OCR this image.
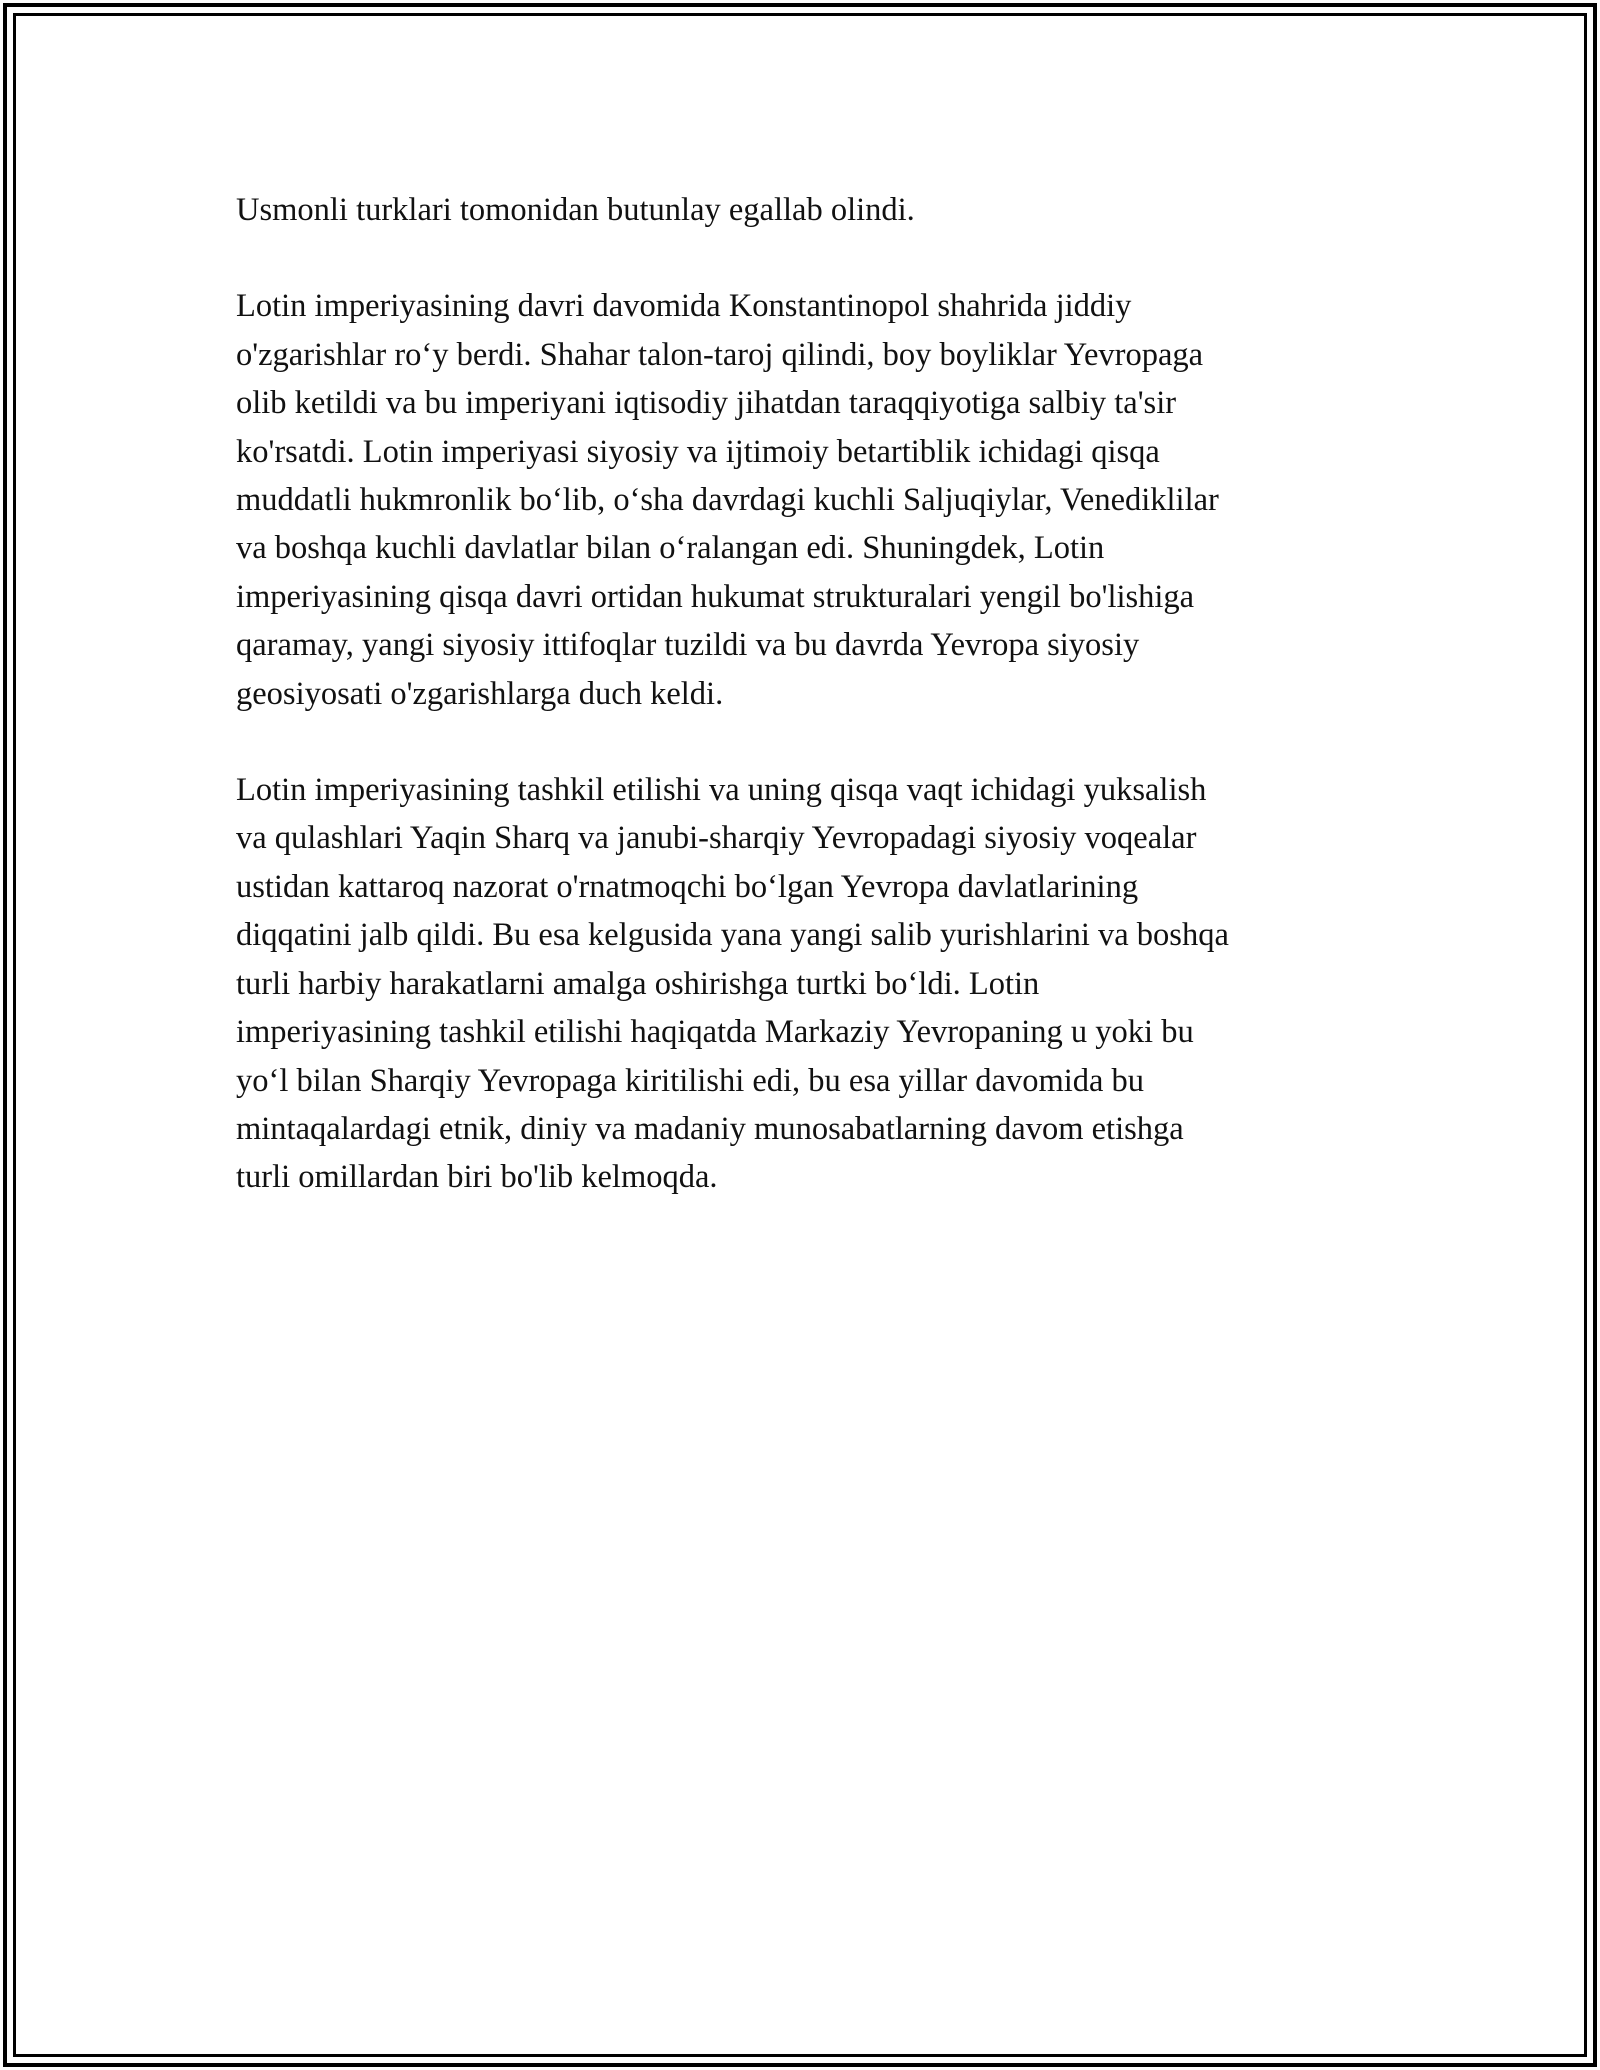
Usmonli turklari tomonidan butunlay egallab olindi.

Lotin imperiyasining davri davomida Konstantinopol shahrida jiddiy
o'zgarishlar ro‘y berdi. Shahar talon-taroj qilindi, boy boyliklar Yevropaga
olib ketildi va bu imperiyani iqtisodiy jihatdan taraqqiyotiga salbiy ta'sir
ko'rsatdi. Lotin imperiyasi siyosiy va ijtimoiy betartiblik ichidagi qisqa
muddatli hukmronlik bo‘lib, o‘sha davrdagi kuchli Saljuqiylar, Venediklilar
va boshqa kuchli davlatlar bilan o‘ralangan edi. Shuningdek, Lotin
imperiyasining qisqa davri ortidan hukumat strukturalari yengil bo'lishiga
qaramay, yangi siyosiy ittifoqlar tuzildi va bu davrda Yevropa siyosiy
geosiyosati o'zgarishlarga duch keldi.

Lotin imperiyasining tashkil etilishi va uning qisqa vaqt ichidagi yuksalish
va qulashlari Yaqin Sharq va janubi-sharqiy Yevropadagi siyosiy voqealar
ustidan kattaroq nazorat o'rnatmoqchi bo‘lgan Yevropa davlatlarining
diqqatini jalb qildi. Bu esa kelgusida yana yangi salib yurishlarini va boshqa
turli harbiy harakatlarni amalga oshirishga turtki bo‘ldi. Lotin
imperiyasining tashkil etilishi haqiqatda Markaziy Yevropaning u yoki bu
yo‘l bilan Sharqiy Yevropaga kiritilishi edi, bu esa yillar davomida bu
mintaqalardagi etnik, diniy va madaniy munosabatlarning davom etishga
turli omillardan biri bo'lib kelmoqda.
